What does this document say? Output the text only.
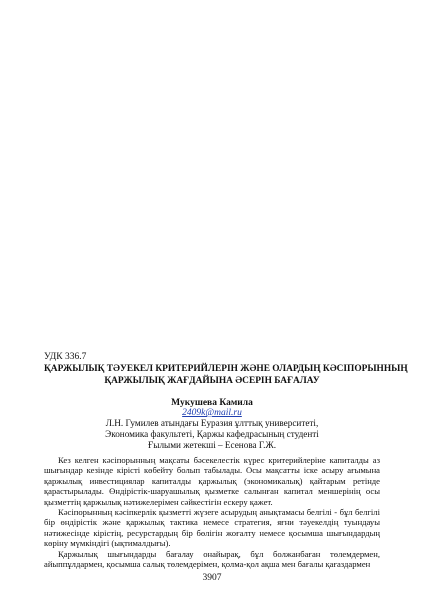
УДК 336.7

ҚАРЖЫЛЫҚ ТӘУЕКЕЛ КРИТЕРИЙЛЕРІН ЖӘНЕ ОЛАРДЫҢ КӘСІПОРЫННЫҢ
ҚАРЖЫЛЫҚ ЖАҒДАЙЫНА ӘСЕРІН БАҒАЛАУ

Мукушева Камила

2409k@mail.ru

Л.Н. Гумилев атындағы Еуразия ұлттық университеті,
Экономика факультеті, Қаржы кафедрасының студенті
Ғылыми жетекші – Есенова Г.Ж.

Кез келген кәсіпорынның мақсаты бәсекелестік күрес критерийлеріне капиталды аз шығындар кезінде кірісті көбейту болып табылады. Осы мақсатты іске асыру ағымына қаржылық инвестициялар капиталды қаржылық (экономикалық) қайтарым ретінде қарастырылады. Өндірістік-шаруашылық қызметке салынған капитал меншерінің осы қызметтің қаржылық нәтижелерімен сәйкестігін ескеру қажет.

Кәсіпорынның кәсіпкерлік қызметті жүзеге асырудың анықтамасы белгілі - бұл белгілі бір өндірістік және қаржылық тактика немесе стратегия, яғни тәуекелдің туындауы нәтижесінде кірістің, ресурстардың бір бөлігін жоғалту немесе қосымша шығындардың көріну мүмкіндігі (ықтималдығы).

Қаржылық шығындарды бағалау онайырақ, бұл болжанбаған төлемдермен, айыппұлдармен, қосымша салық төлемдерімен, қолма-қол ақша мен бағалы қағаздармен

3907
